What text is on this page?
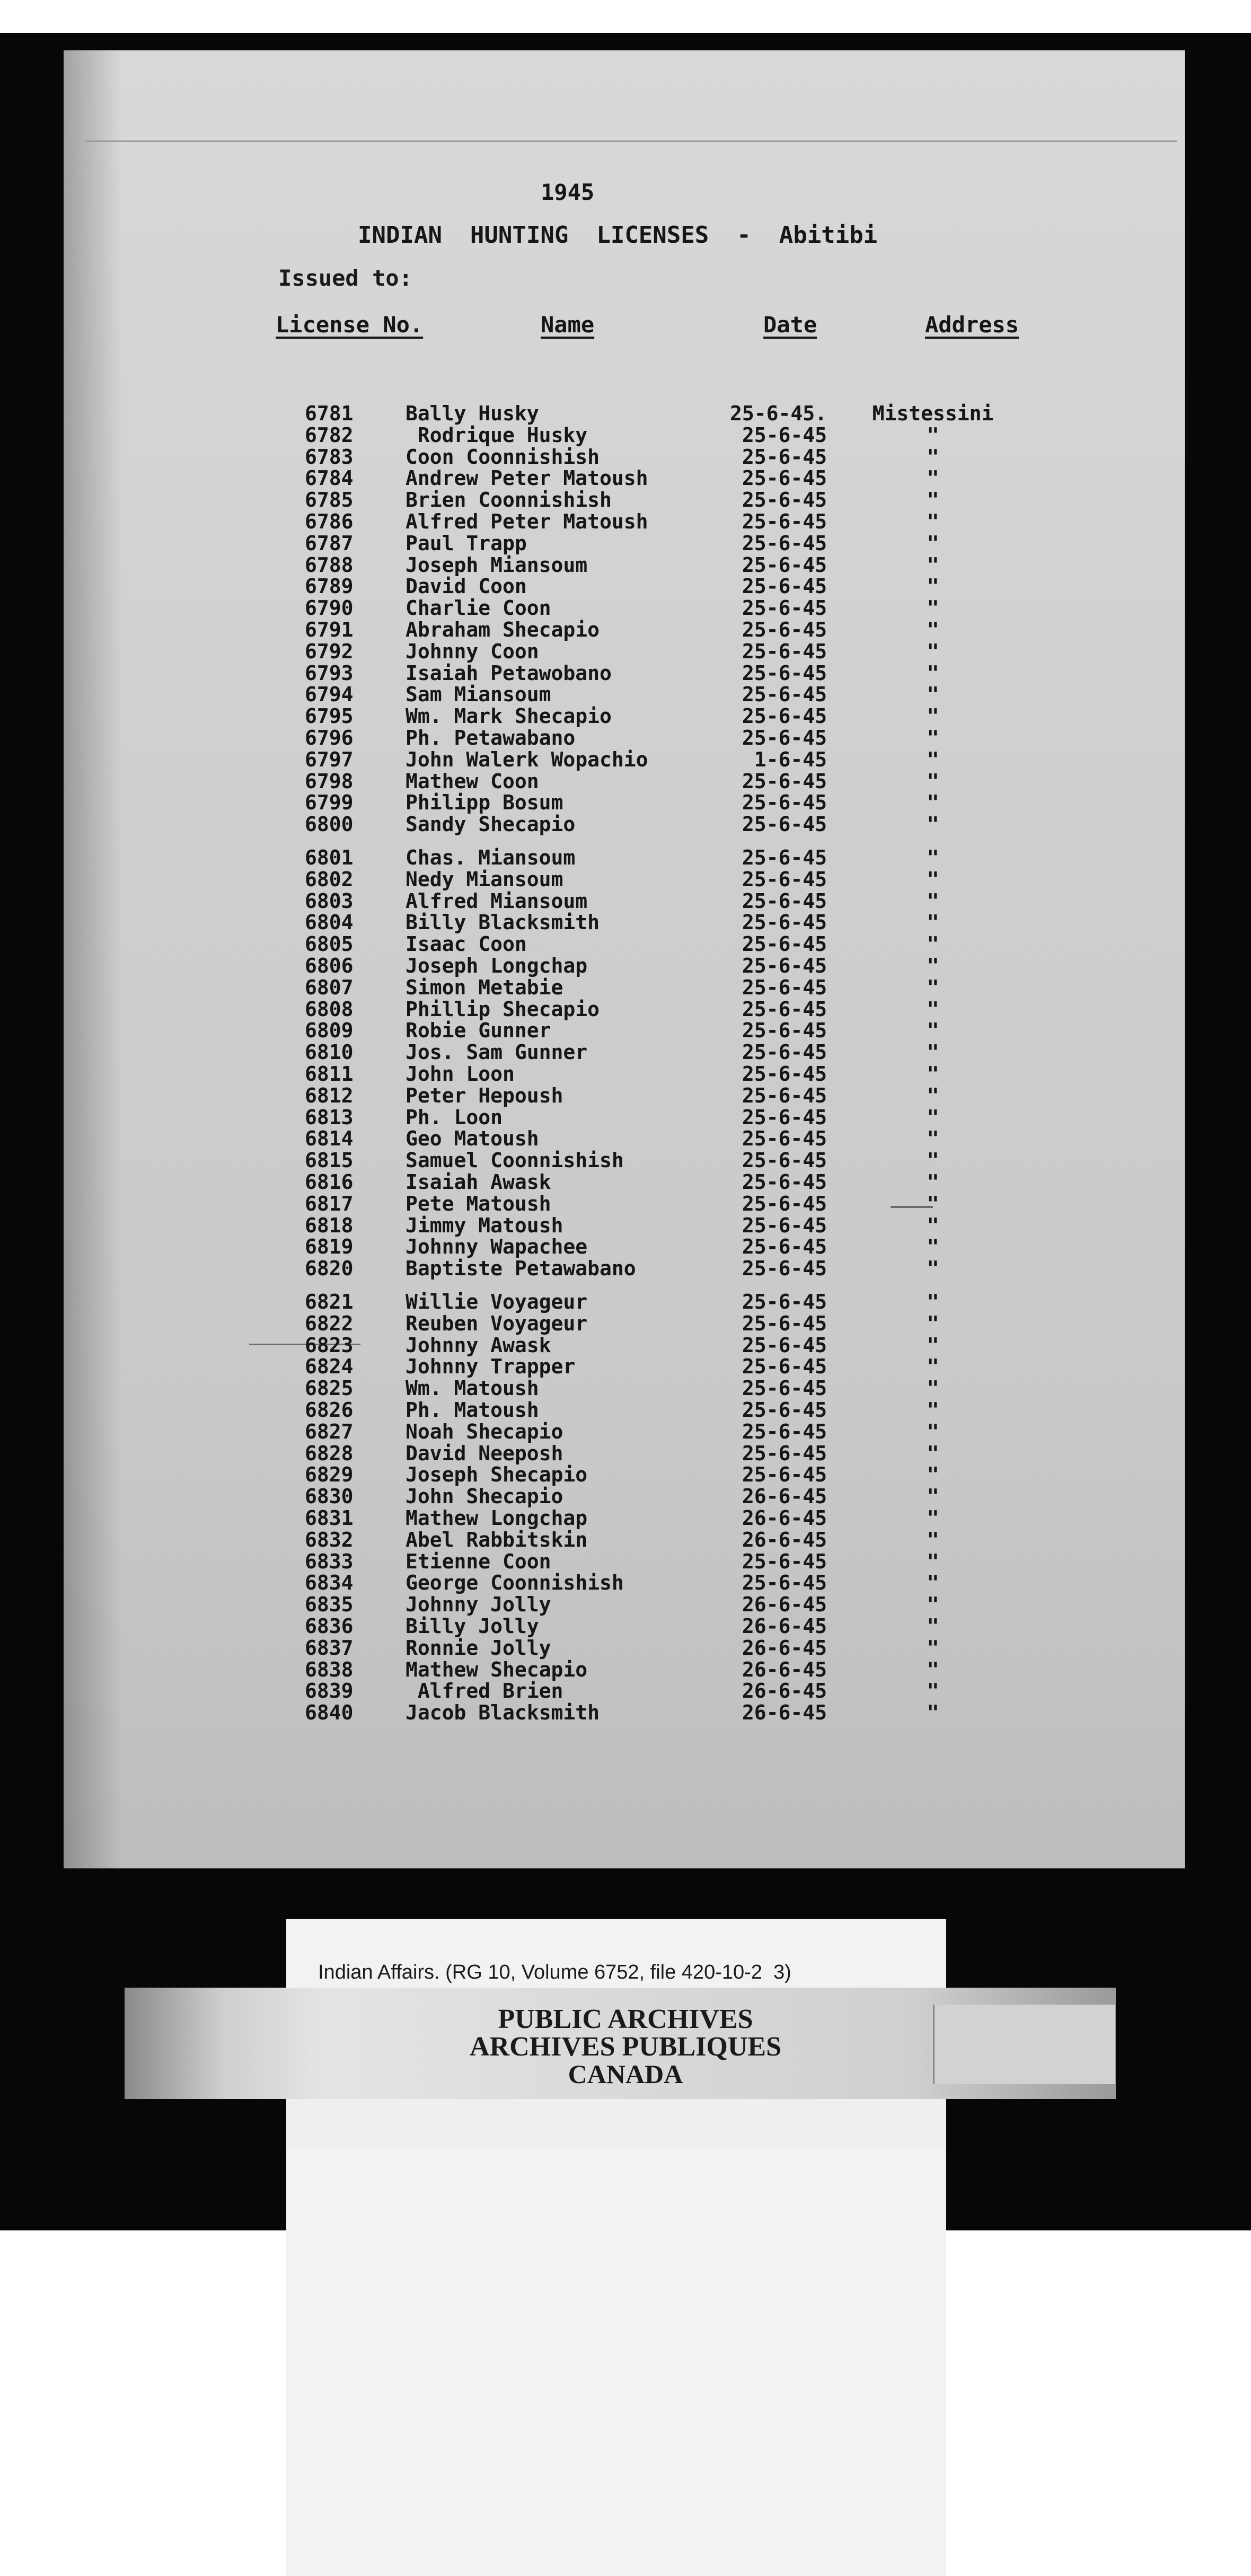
1945
INDIAN  HUNTING  LICENSES  -  Abitibi
Issued to:
License No.	Name	Date	Address
6781	Bally Husky	25-6-45.	Mistessini
6782	Rodrique Husky	25-6-45	"
6783	Coon Coonnishish	25-6-45	"
6784	Andrew Peter Matoush	25-6-45	"
6785	Brien Coonnishish	25-6-45	"
6786	Alfred Peter Matoush	25-6-45	"
6787	Paul Trapp	25-6-45	"
6788	Joseph Miansoum	25-6-45	"
6789	David Coon	25-6-45	"
6790	Charlie Coon	25-6-45	"
6791	Abraham Shecapio	25-6-45	"
6792	Johnny Coon	25-6-45	"
6793	Isaiah Petawobano	25-6-45	"
6794	Sam Miansoum	25-6-45	"
6795	Wm. Mark Shecapio	25-6-45	"
6796	Ph. Petawabano	25-6-45	"
6797	John Walerk Wopachio	1-6-45	"
6798	Mathew Coon	25-6-45	"
6799	Philipp Bosum	25-6-45	"
6800	Sandy Shecapio	25-6-45	"
6801	Chas. Miansoum	25-6-45	"
6802	Nedy Miansoum	25-6-45	"
6803	Alfred Miansoum	25-6-45	"
6804	Billy Blacksmith	25-6-45	"
6805	Isaac Coon	25-6-45	"
6806	Joseph Longchap	25-6-45	"
6807	Simon Metabie	25-6-45	"
6808	Phillip Shecapio	25-6-45	"
6809	Robie Gunner	25-6-45	"
6810	Jos. Sam Gunner	25-6-45	"
6811	John Loon	25-6-45	"
6812	Peter Hepoush	25-6-45	"
6813	Ph. Loon	25-6-45	"
6814	Geo Matoush	25-6-45	"
6815	Samuel Coonnishish	25-6-45	"
6816	Isaiah Awask	25-6-45	"
6817	Pete Matoush	25-6-45	"
6818	Jimmy Matoush	25-6-45	"
6819	Johnny Wapachee	25-6-45	"
6820	Baptiste Petawabano	25-6-45	"
6821	Willie Voyageur	25-6-45	"
6822	Reuben Voyageur	25-6-45	"
6823	Johnny Awask	25-6-45	"
6824	Johnny Trapper	25-6-45	"
6825	Wm. Matoush	25-6-45	"
6826	Ph. Matoush	25-6-45	"
6827	Noah Shecapio	25-6-45	"
6828	David Neeposh	25-6-45	"
6829	Joseph Shecapio	25-6-45	"
6830	John Shecapio	26-6-45	"
6831	Mathew Longchap	26-6-45	"
6832	Abel Rabbitskin	26-6-45	"
6833	Etienne Coon	25-6-45	"
6834	George Coonnishish	25-6-45	"
6835	Johnny Jolly	26-6-45	"
6836	Billy Jolly	26-6-45	"
6837	Ronnie Jolly	26-6-45	"
6838	Mathew Shecapio	26-6-45	"
6839	Alfred Brien	26-6-45	"
6840	Jacob Blacksmith	26-6-45	"
Indian Affairs. (RG 10, Volume 6752, file 420-10-2  3)
PUBLIC ARCHIVES
ARCHIVES PUBLIQUES
CANADA
